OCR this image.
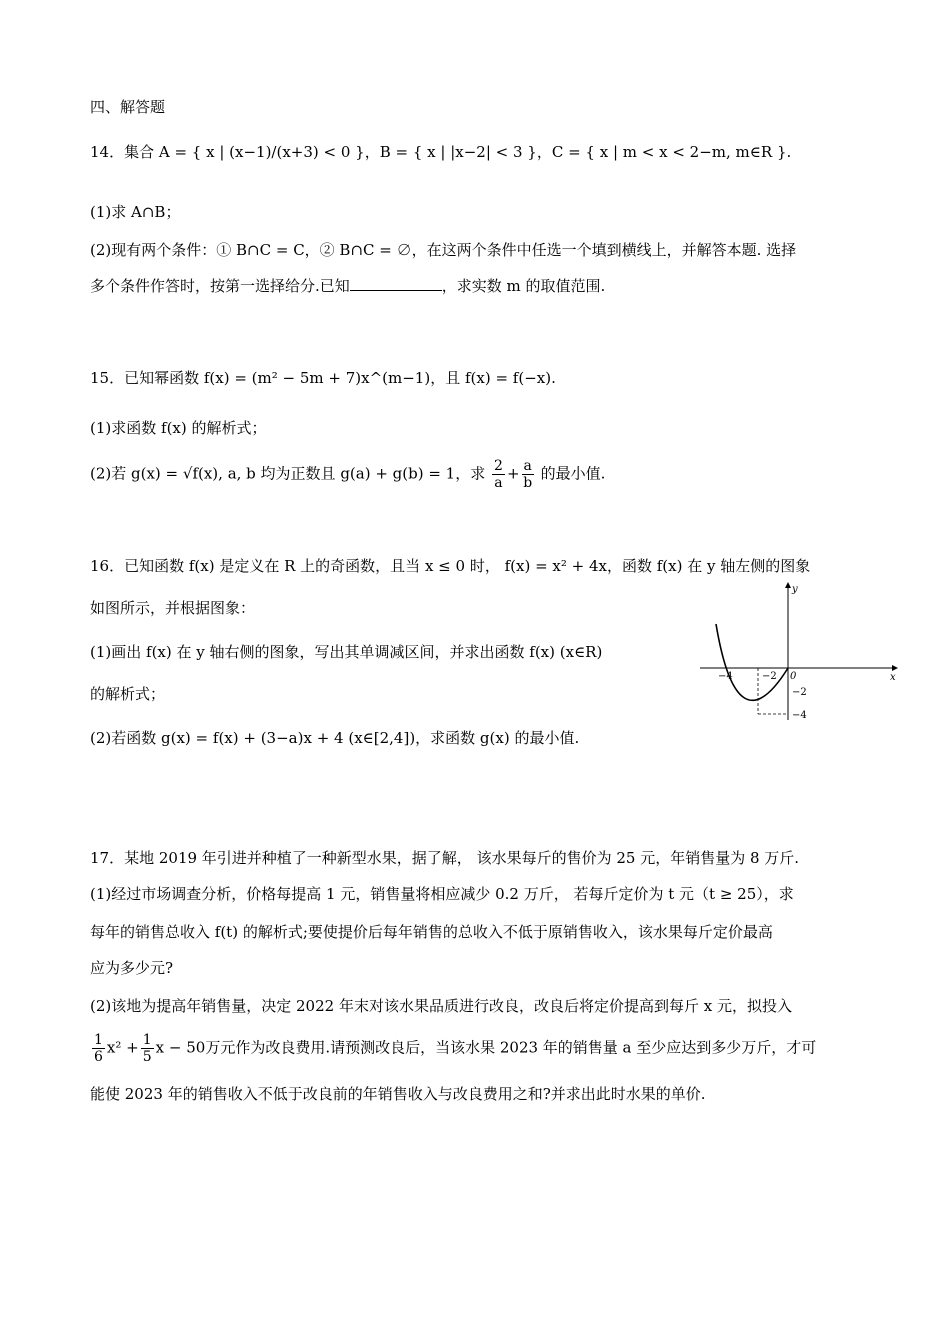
四、解答题
14．集合 A = { x | (x−1)/(x+3) < 0 }，B = { x | |x−2| < 3 }，C = { x | m < x < 2−m, m∈R }.
(1)求 A∩B；
(2)现有两个条件：① B∩C = C，② B∩C = ∅，在这两个条件中任选一个填到横线上，并解答本题. 选择
多个条件作答时，按第一选择给分.已知	，求实数 m 的取值范围.
15．已知幂函数 f(x) = (m² − 5m + 7)x^(m−1)，且 f(x) = f(−x).
(1)求函数 f(x) 的解析式；
(2)若 g(x) = √f(x), a, b 均为正数且 g(a) + g(b) = 1，求 $\frac{2}{a} + \frac{a}{b}$ 的最小值.
16．已知函数 f(x) 是定义在 R 上的奇函数，且当 x ≤ 0 时， f(x) = x² + 4x，函数 f(x) 在 y 轴左侧的图象
如图所示，并根据图象：
(1)画出 f(x) 在 y 轴右侧的图象，写出其单调减区间，并求出函数 f(x) (x∈R)
的解析式；
(2)若函数 g(x) = f(x) + (3−a)x + 4 (x∈[2,4])，求函数 g(x) 的最小值.
y
x
0
−4	−2
−2
−4
17．某地 2019 年引进并种植了一种新型水果，据了解， 该水果每斤的售价为 25 元，年销售量为 8 万斤.
(1)经过市场调查分析，价格每提高 1 元，销售量将相应减少 0.2 万斤， 若每斤定价为 t 元（t ≥ 25），求
每年的销售总收入 f(t) 的解析式;要使提价后每年销售的总收入不低于原销售收入，该水果每斤定价最高
应为多少元?
(2)该地为提高年销售量，决定 2022 年末对该水果品质进行改良，改良后将定价提高到每斤 x 元，拟投入
$\frac{1}{6} x^2 + \frac{1}{5}$ x − 50万元作为改良费用.请预测改良后，当该水果 2023 年的销售量 a 至少应达到多少万斤，才可
能使 2023 年的销售收入不低于改良前的年销售收入与改良费用之和?并求出此时水果的单价.
